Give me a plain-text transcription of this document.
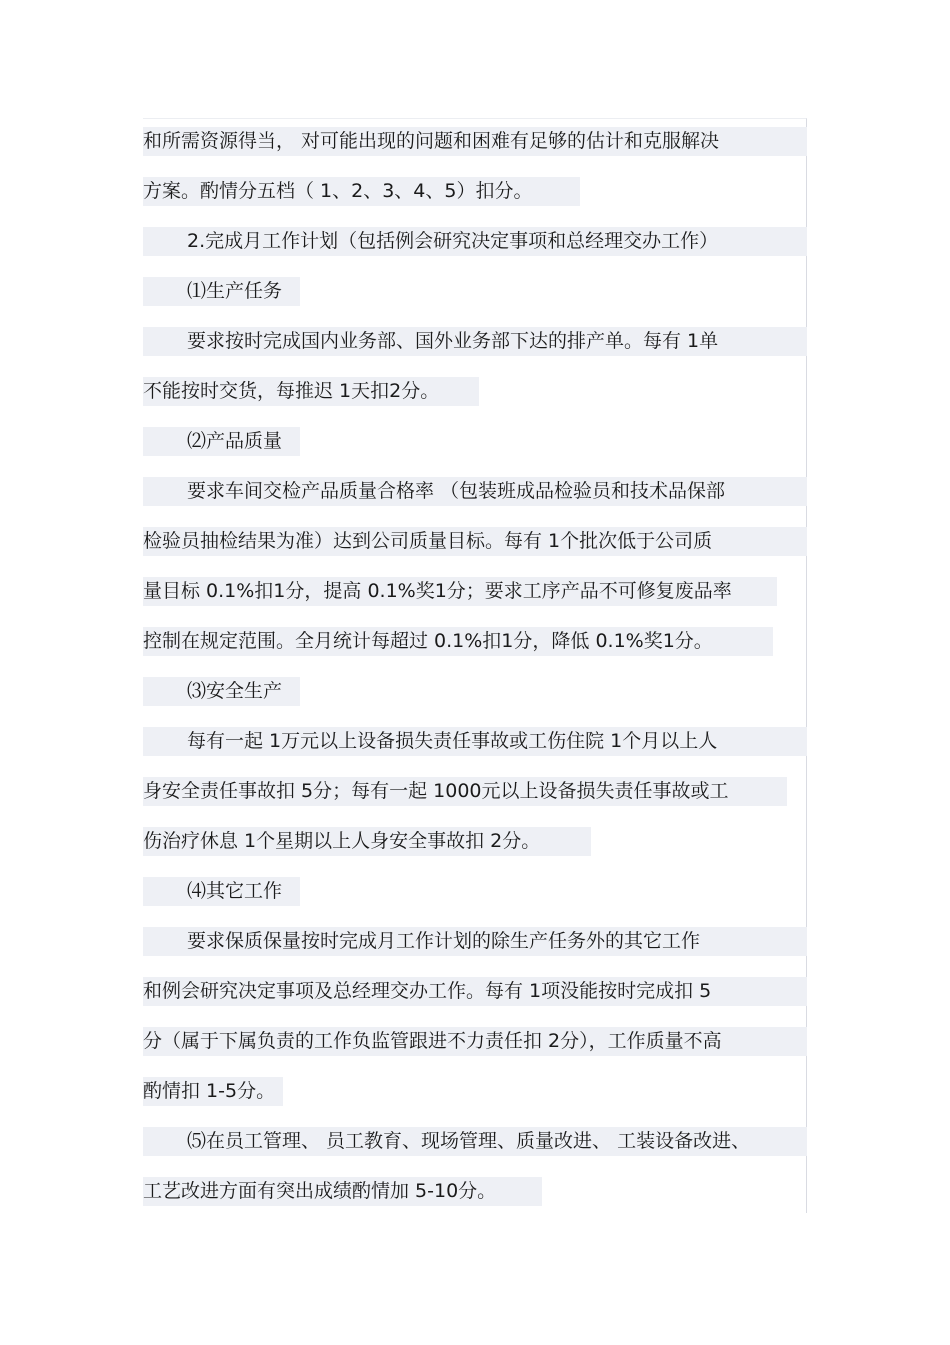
和所需资源得当， 对可能出现的问题和困难有足够的估计和克服解决
方案。酌情分五档（ 1、2、3、4、5）扣分。
2.完成月工作计划（包括例会研究决定事项和总经理交办工作）
⑴生产任务
要求按时完成国内业务部、国外业务部下达的排产单。每有 1单
不能按时交货，每推迟 1天扣2分。
⑵产品质量
要求车间交检产品质量合格率 （包装班成品检验员和技术品保部
检验员抽检结果为准）达到公司质量目标。每有 1个批次低于公司质
量目标 0.1%扣1分，提高 0.1%奖1分；要求工序产品不可修复废品率
控制在规定范围。全月统计每超过 0.1%扣1分，降低 0.1%奖1分。
⑶安全生产
每有一起 1万元以上设备损失责任事故或工伤住院 1个月以上人
身安全责任事故扣 5分；每有一起 1000元以上设备损失责任事故或工
伤治疗休息 1个星期以上人身安全事故扣 2分。
⑷其它工作
要求保质保量按时完成月工作计划的除生产任务外的其它工作
和例会研究决定事项及总经理交办工作。每有 1项没能按时完成扣 5
分（属于下属负责的工作负监管跟进不力责任扣 2分），工作质量不高
酌情扣 1-5分。
⑸在员工管理、 员工教育、现场管理、质量改进、 工装设备改进、
工艺改进方面有突出成绩酌情加 5-10分。
